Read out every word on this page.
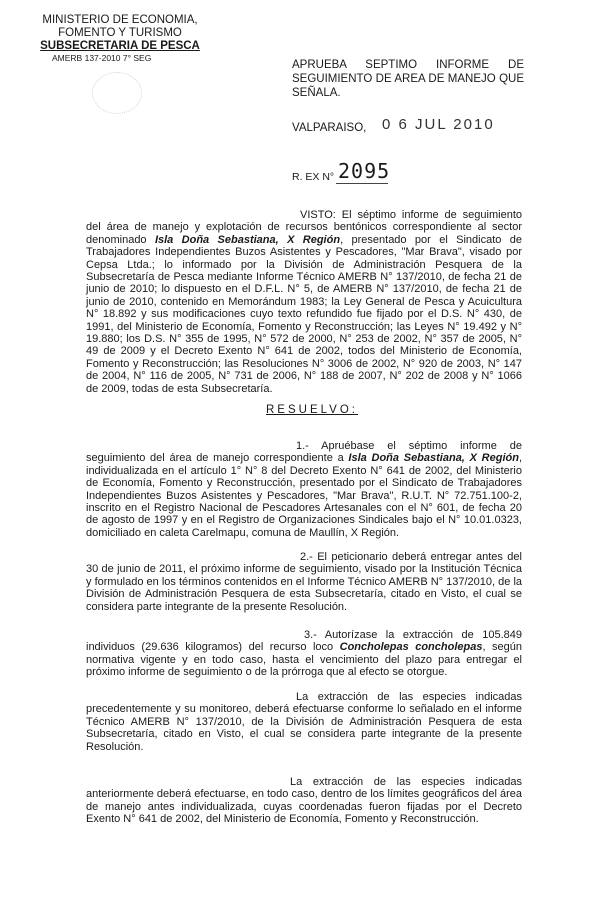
MINISTERIO DE ECONOMIA,
FOMENTO Y TURISMO
SUBSECRETARIA DE PESCA
AMERB 137-2010 7° SEG
APRUEBA SEPTIMO INFORME DE SEGUIMIENTO DE AREA DE MANEJO QUE SEÑALA.
VALPARAISO, 0 6 JUL 2010
R. EX N° 2095

VISTO: El séptimo informe de seguimiento del área de manejo y explotación de recursos bentónicos correspondiente al sector denominado Isla Doña Sebastiana, X Región, presentado por el Sindicato de Trabajadores Independientes Buzos Asistentes y Pescadores, "Mar Brava", visado por Cepsa Ltda.; lo informado por la División de Administración Pesquera de la Subsecretaría de Pesca mediante Informe Técnico AMERB N° 137/2010, de fecha 21 de junio de 2010; lo dispuesto en el D.F.L. N° 5, de AMERB N° 137/2010, de fecha 21 de junio de 2010, contenido en Memorándum 1983; la Ley General de Pesca y Acuicultura N° 18.892 y sus modificaciones cuyo texto refundido fue fijado por el D.S. N° 430, de 1991, del Ministerio de Economía, Fomento y Reconstrucción; las Leyes N° 19.492 y N° 19.880; los D.S. N° 355 de 1995, N° 572 de 2000, N° 253 de 2002, N° 357 de 2005, N° 49 de 2009 y el Decreto Exento N° 641 de 2002, todos del Ministerio de Economía, Fomento y Reconstrucción; las Resoluciones N° 3006 de 2002, N° 920 de 2003, N° 147 de 2004, N° 116 de 2005, N° 731 de 2006, N° 188 de 2007, N° 202 de 2008 y N° 1066 de 2009, todas de esta Subsecretaría.

RESUELVO:

1.- Apruébase el séptimo informe de seguimiento del área de manejo correspondiente a Isla Doña Sebastiana, X Región, individualizada en el artículo 1° N° 8 del Decreto Exento N° 641 de 2002, del Ministerio de Economía, Fomento y Reconstrucción, presentado por el Sindicato de Trabajadores Independientes Buzos Asistentes y Pescadores, "Mar Brava", R.U.T. N° 72.751.100-2, inscrito en el Registro Nacional de Pescadores Artesanales con el N° 601, de fecha 20 de agosto de 1997 y en el Registro de Organizaciones Sindicales bajo el N° 10.01.0323, domiciliado en caleta Carelmapu, comuna de Maullín, X Región.

2.- El peticionario deberá entregar antes del 30 de junio de 2011, el próximo informe de seguimiento, visado por la Institución Técnica y formulado en los términos contenidos en el Informe Técnico AMERB N° 137/2010, de la División de Administración Pesquera de esta Subsecretaría, citado en Visto, el cual se considera parte integrante de la presente Resolución.

3.- Autorízase la extracción de 105.849 individuos (29.636 kilogramos) del recurso loco Concholepas concholepas, según normativa vigente y en todo caso, hasta el vencimiento del plazo para entregar el próximo informe de seguimiento o de la prórroga que al efecto se otorgue.

La extracción de las especies indicadas precedentemente y su monitoreo, deberá efectuarse conforme lo señalado en el informe Técnico AMERB N° 137/2010, de la División de Administración Pesquera de esta Subsecretaría, citado en Visto, el cual se considera parte integrante de la presente Resolución.

La extracción de las especies indicadas anteriormente deberá efectuarse, en todo caso, dentro de los límites geográficos del área de manejo antes individualizada, cuyas coordenadas fueron fijadas por el Decreto Exento N° 641 de 2002, del Ministerio de Economía, Fomento y Reconstrucción.
